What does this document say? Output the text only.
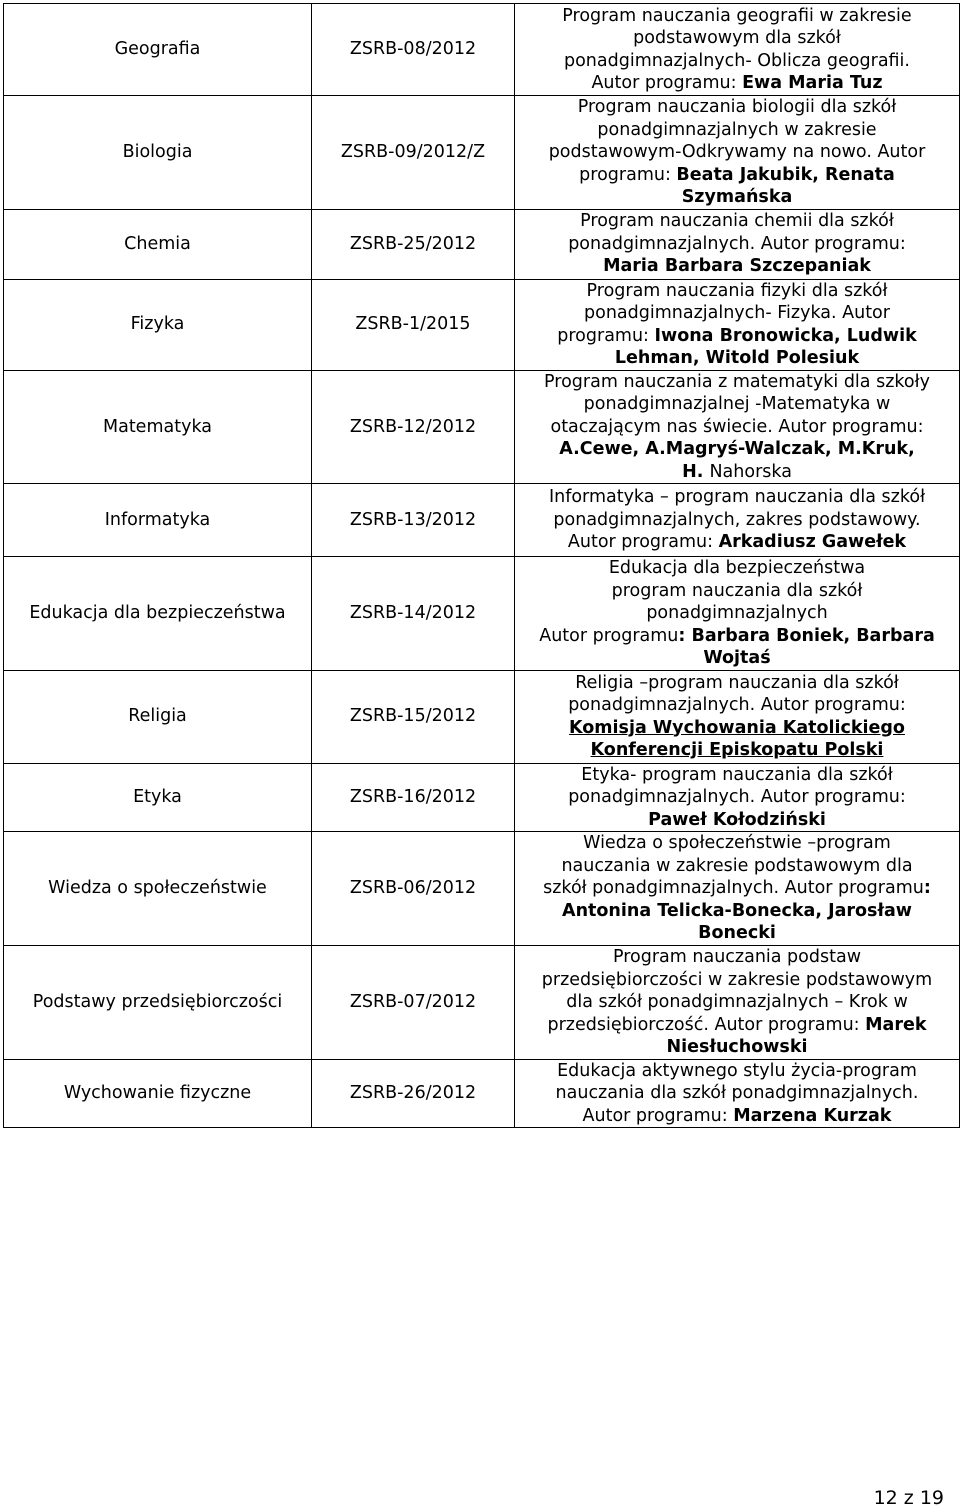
Geografia	ZSRB-08/2012	Program nauczania geografii w zakresie
podstawowym dla szkół
ponadgimnazjalnych- Oblicza geografii.
Autor programu: Ewa Maria Tuz

Biologia	ZSRB-09/2012/Z	Program nauczania biologii dla szkół
ponadgimnazjalnych w zakresie
podstawowym-Odkrywamy na nowo. Autor
programu: Beata Jakubik, Renata
Szymańska

Chemia	ZSRB-25/2012	Program nauczania chemii dla szkół
ponadgimnazjalnych. Autor programu:
Maria Barbara Szczepaniak

Fizyka	ZSRB-1/2015	Program nauczania fizyki dla szkół
ponadgimnazjalnych- Fizyka. Autor
programu: Iwona Bronowicka, Ludwik
Lehman, Witold Polesiuk

Matematyka	ZSRB-12/2012	Program nauczania z matematyki dla szkoły
ponadgimnazjalnej -Matematyka w
otaczającym nas świecie. Autor programu:
A.Cewe, A.Magryś-Walczak, M.Kruk,
H. Nahorska

Informatyka	ZSRB-13/2012	Informatyka – program nauczania dla szkół
ponadgimnazjalnych, zakres podstawowy.
Autor programu: Arkadiusz Gawełek

Edukacja dla bezpieczeństwa	ZSRB-14/2012	Edukacja dla bezpieczeństwa
program nauczania dla szkół
ponadgimnazjalnych
Autor programu: Barbara Boniek, Barbara
Wojtaś

Religia	ZSRB-15/2012	Religia –program nauczania dla szkół
ponadgimnazjalnych. Autor programu:
Komisja Wychowania Katolickiego
Konferencji Episkopatu Polski

Etyka	ZSRB-16/2012	Etyka- program nauczania dla szkół
ponadgimnazjalnych. Autor programu:
Paweł Kołodziński

Wiedza o społeczeństwie	ZSRB-06/2012	Wiedza o społeczeństwie –program
nauczania w zakresie podstawowym dla
szkół ponadgimnazjalnych. Autor programu:
Antonina Telicka-Bonecka, Jarosław
Bonecki

Podstawy przedsiębiorczości	ZSRB-07/2012	Program nauczania podstaw
przedsiębiorczości w zakresie podstawowym
dla szkół ponadgimnazjalnych – Krok w
przedsiębiorczość. Autor programu: Marek
Niesłuchowski

Wychowanie fizyczne	ZSRB-26/2012	Edukacja aktywnego stylu życia-program
nauczania dla szkół ponadgimnazjalnych.
Autor programu: Marzena Kurzak
12 z 19
